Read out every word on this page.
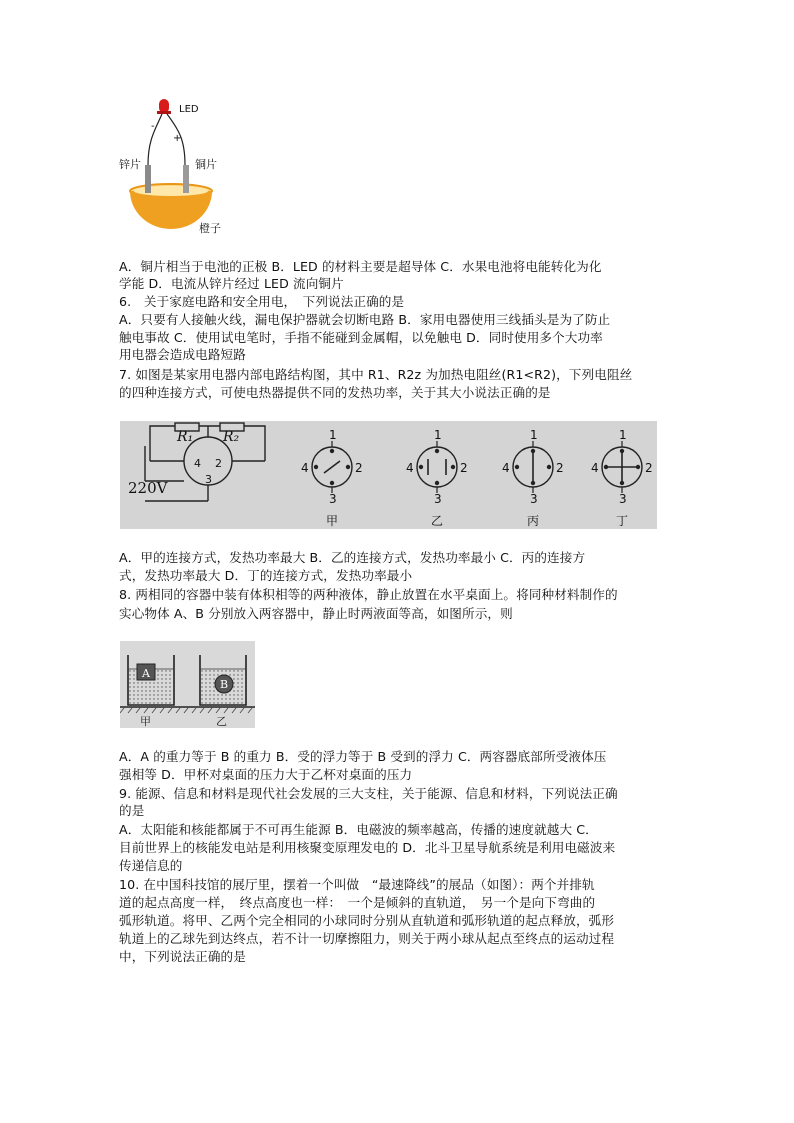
LED
-
+
锌片	铜片
橙子
A．铜片相当于电池的正极 B．LED 的材料主要是超导体 C．水果电池将电能转化为化
学能 D．电流从锌片经过 LED 流向铜片
6.　关于家庭电路和安全用电，　下列说法正确的是
A．只要有人接触火线，漏电保护器就会切断电路 B．家用电器使用三线插头是为了防止
触电事故 C．使用试电笔时，手指不能碰到金属帽，以免触电 D．同时使用多个大功率
用电器会造成电路短路
7. 如图是某家用电器内部电路结构图，其中 R1、R2z 为加热电阻丝(R1<R2)，下列电阻丝
的四种连接方式，可使电热器提供不同的发热功率，关于其大小说法正确的是
R₁ R₂
220V
4 2
3
1
2
3
4
甲
1
2
3
4
乙
1
2
3
4
丙
1
2
3
4
丁
A．甲的连接方式，发热功率最大 B．乙的连接方式，发热功率最小 C．丙的连接方
式，发热功率最大 D．丁的连接方式，发热功率最小
8. 两相同的容器中装有体积相等的两种液体，静止放置在水平桌面上。将同种材料制作的
实心物体 A、B 分别放入两容器中，静止时两液面等高，如图所示，则
A
B
甲	乙
A．A 的重力等于 B 的重力 B．受的浮力等于 B 受到的浮力 C．两容器底部所受液体压
强相等 D．甲杯对桌面的压力大于乙杯对桌面的压力
9. 能源、信息和材料是现代社会发展的三大支柱，关于能源、信息和材料，下列说法正确
的是
A．太阳能和核能都属于不可再生能源 B．电磁波的频率越高，传播的速度就越大 C．
目前世界上的核能发电站是利用核聚变原理发电的 D．北斗卫星导航系统是利用电磁波来
传递信息的
10. 在中国科技馆的展厅里，摆着一个叫做　“最速降线”的展品（如图）：两个并排轨
道的起点高度一样，　终点高度也一样：　一个是倾斜的直轨道，　另一个是向下弯曲的
弧形轨道。将甲、乙两个完全相同的小球同时分别从直轨道和弧形轨道的起点释放，弧形
轨道上的乙球先到达终点，若不计一切摩擦阻力，则关于两小球从起点至终点的运动过程
中，下列说法正确的是
